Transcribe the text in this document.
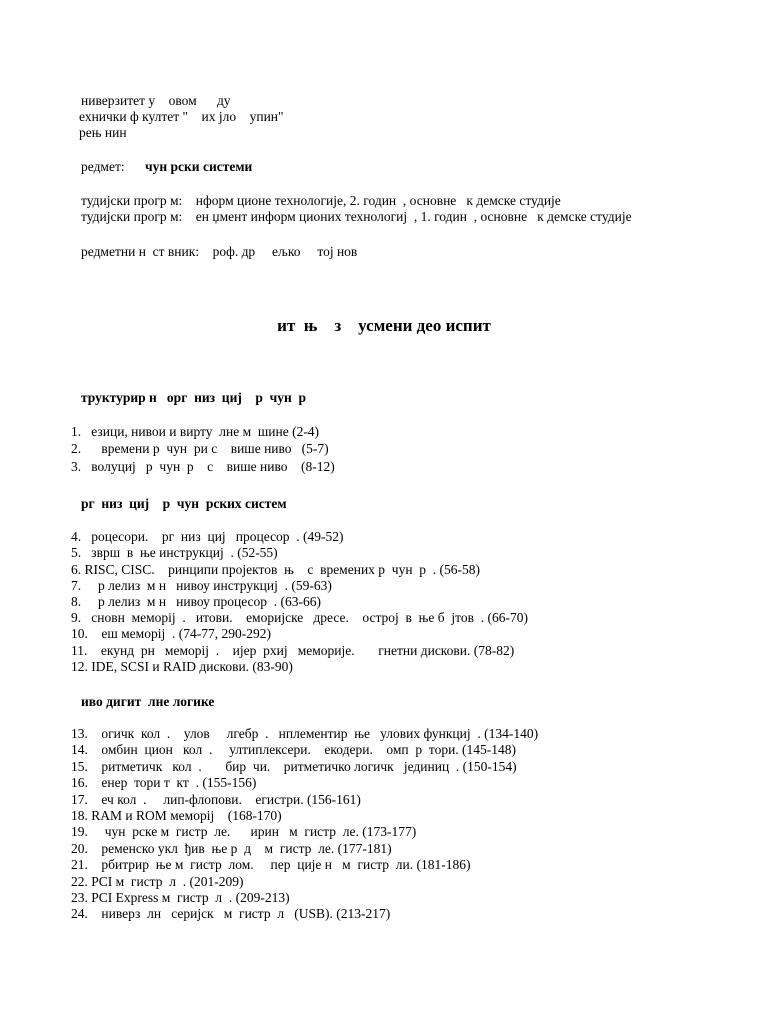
ниверзитет у    овом      ду
ехнички ф култет "    их јло    упин"
рењ нин
редмет: чун рски системи
тудијски прогр м:    нформ ционе технологије, 2. годин  , основне   к демске студије
тудијски прогр м:    ен џмент информ ционих технологиј  , 1. годин  , основне   к демске студије
редметни н  ст вник:    роф. др     ељко     тој нов
ит  њ    з    усмени део испит
труктурир н   орг  низ  циј    р  чун  р
1.   езици, нивои и вирту  лне м  шине (2-4)
2.      времени р  чун  ри с    више ниво   (5-7)
3.   волуциј   р  чун  р    с    више ниво    (8-12)
рг  низ  циј    р  чун  рских систем
4.   роцесори.    рг  низ  циј   процесор  . (49-52)
5.   зврш  в  ње инструкциј  . (52-55)
6. RISC, CISC.    ринципи пројектов  њ    с  времених р  чун  р  . (56-58)
7.     р лелиз  м н   нивоу инструкциј  . (59-63)
8.     р лелиз  м н   нивоу процесор  . (63-66)
9.   сновн  меморij  .   итови.    еморијске   дресе.    остроj  в  ње б  јтов  . (66-70)
10.    еш меморij  . (74-77, 290-292)
11.    екунд  рн   меморij  .    ијер  рхиј   меморије.       гнетни дискови. (78-82)
12. IDE, SCSI и RAID дискови. (83-90)
иво дигит  лне логике
13.    огичк  кол  .    улов     лгебр  .   нплементир  ње   улових функциј  . (134-140)
14.    омбин  цион   кол  .     ултиплексери.    екодери.    омп  р  тори. (145-148)
15.    ритметичк   кол  .       бир  чи.    ритметичко логичк   јединиц  . (150-154)
16.    енер  тори т  кт  . (155-156)
17.    еч кол  .     лип-флопови.    егистри. (156-161)
18. RAM и ROM меморij    (168-170)
19.     чун  рске м  гистр  ле.      ирин   м  гистр  ле. (173-177)
20.    ременско укл  ђив  ње р  д    м  гистр  ле. (177-181)
21.    рбитрир  ње м  гистр  лом.     пер  ције н   м  гистр  ли. (181-186)
22. PCI м  гистр  л  . (201-209)
23. PCI Express м  гистр  л  . (209-213)
24.    ниверз  лн   серијск   м  гистр  л   (USB). (213-217)
